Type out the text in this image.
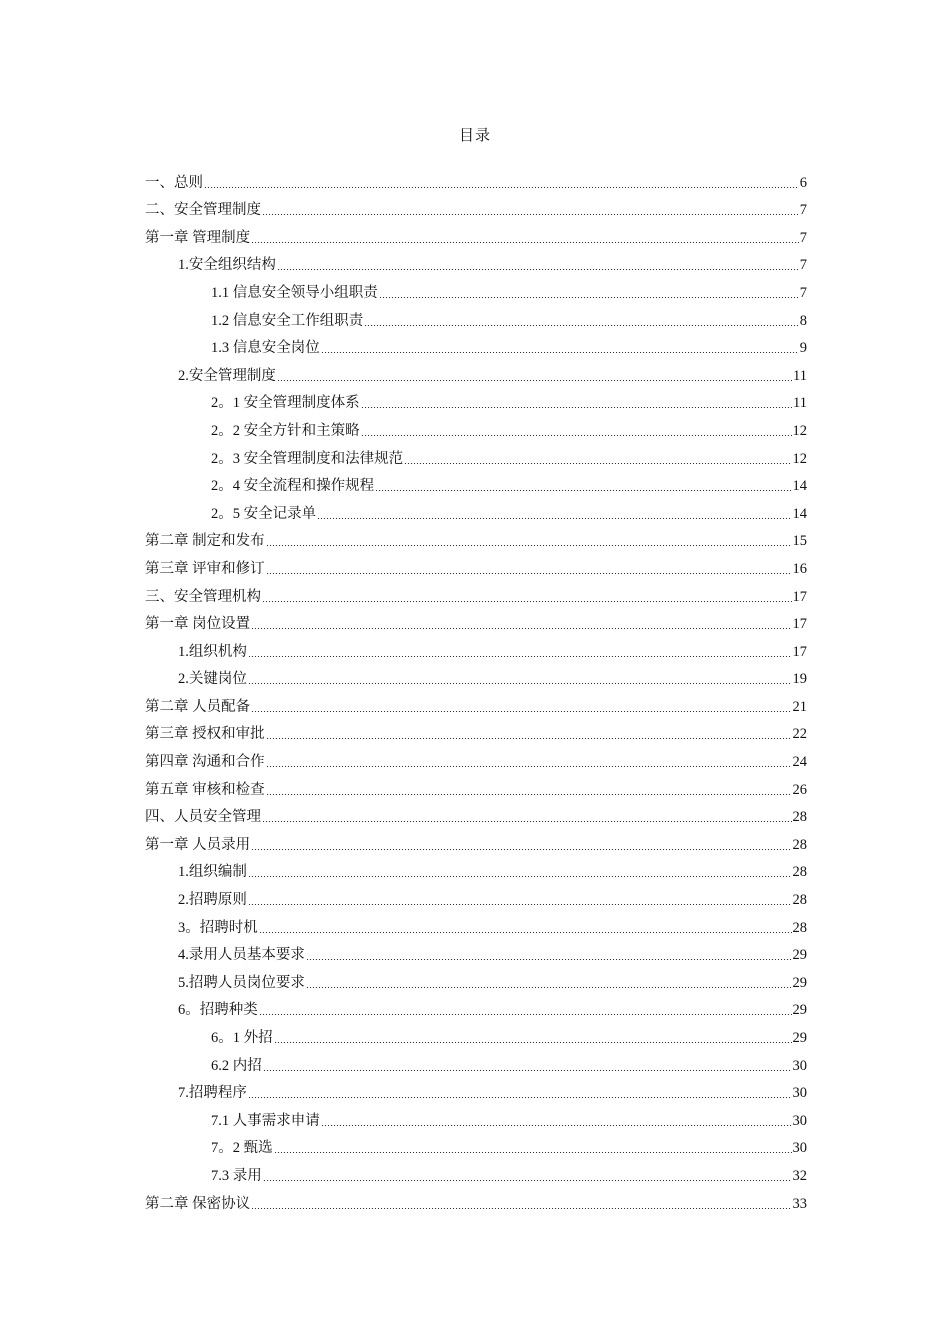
目录
一、总则	6
二、安全管理制度	7
第一章 管理制度	7
1.安全组织结构	7
1.1 信息安全领导小组职责	7
1.2 信息安全工作组职责	8
1.3 信息安全岗位	9
2.安全管理制度	11
2。1 安全管理制度体系	11
2。2 安全方针和主策略	12
2。3 安全管理制度和法律规范	12
2。4 安全流程和操作规程	14
2。5 安全记录单	14
第二章 制定和发布	15
第三章 评审和修订	16
三、安全管理机构	17
第一章 岗位设置	17
1.组织机构	17
2.关键岗位	19
第二章 人员配备	21
第三章 授权和审批	22
第四章 沟通和合作	24
第五章 审核和检查	26
四、人员安全管理	28
第一章 人员录用	28
1.组织编制	28
2.招聘原则	28
3。招聘时机	28
4.录用人员基本要求	29
5.招聘人员岗位要求	29
6。招聘种类	29
6。1 外招	29
6.2 内招	30
7.招聘程序	30
7.1 人事需求申请	30
7。2 甄选	30
7.3 录用	32
第二章 保密协议	33
